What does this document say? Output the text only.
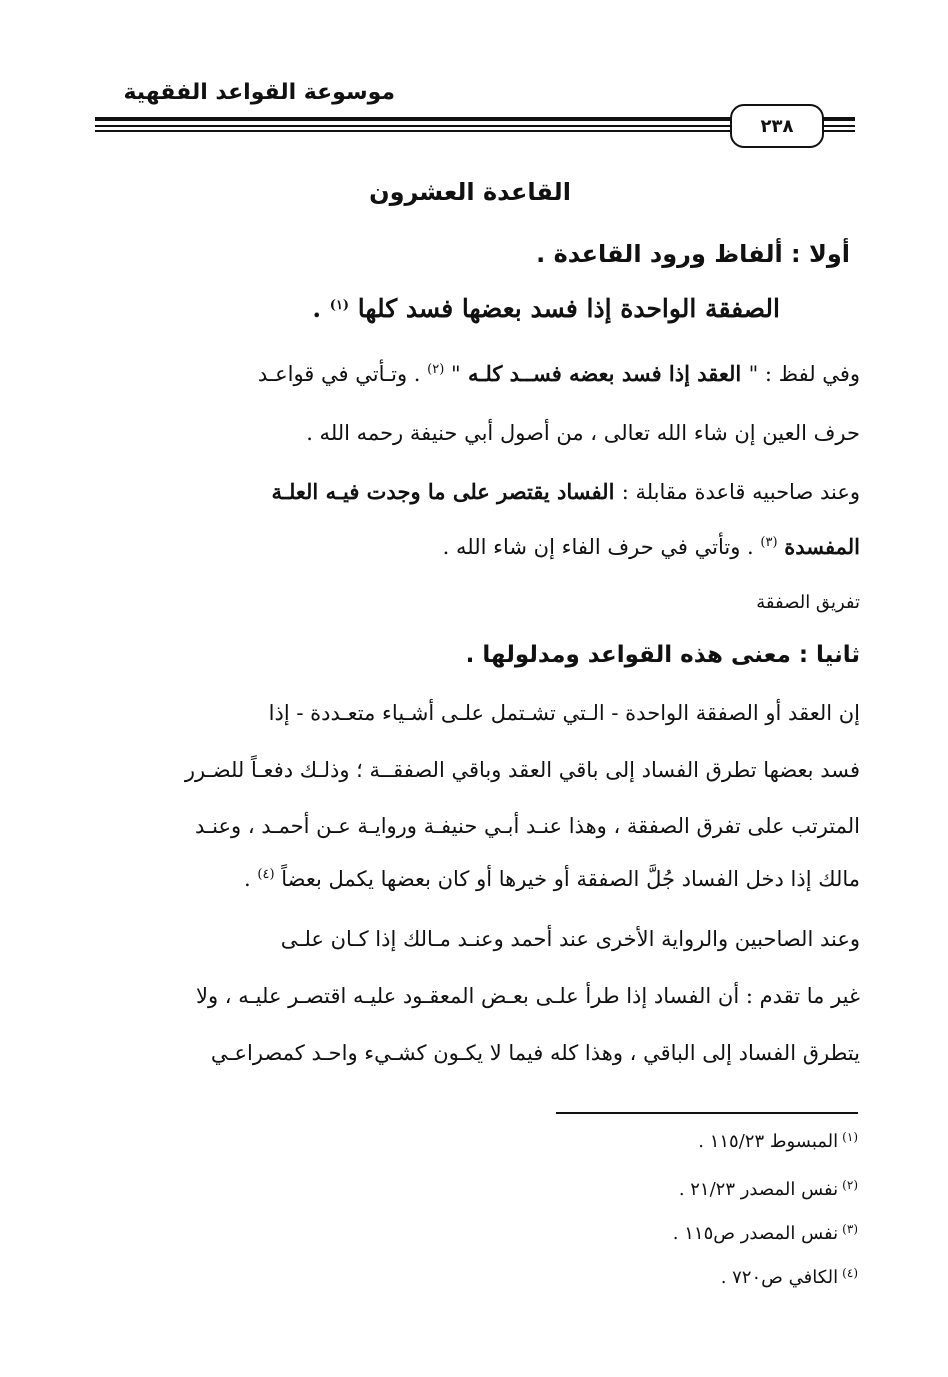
موسوعة القواعد الفقهية
٢٣٨
القاعدة العشرون
أولا : ألفاظ ورود القاعدة .
الصفقة الواحدة إذا فسد بعضها فسد كلها $^{(١)}$ .
وفي لفظ : " العقد إذا فسد بعضه فســد كلـه " $^{(٢)}$ . وتـأتي في قواعـد
حرف العين إن شاء الله تعالى ، من أصول أبي حنيفة رحمه الله .
وعند صاحبيه قاعدة مقابلة : الفساد يقتصر على ما وجدت فيـه العلـة
المفسدة $^{(٣)}$ . وتأتي في حرف الفاء إن شاء الله .
تفريق الصفقة
ثانيا : معنى هذه القواعد ومدلولها .
إن العقد أو الصفقة الواحدة - الـتي تشـتمل علـى أشـياء متعـددة - إذا
فسد بعضها تطرق الفساد إلى باقي العقد وباقي الصفقــة ؛ وذلـك دفعـاً للضـرر
المترتب على تفرق الصفقة ، وهذا عنـد أبـي حنيفـة وروايـة عـن أحمـد ، وعنـد
مالك إذا دخل الفساد جُلَّ الصفقة أو خيرها أو كان بعضها يكمل بعضاً $^{(٤)}$ .
وعند الصاحبين والرواية الأخرى عند أحمد وعنـد مـالك إذا كـان علـى
غير ما تقدم : أن الفساد إذا طرأ علـى بعـض المعقـود عليـه اقتصـر عليـه ، ولا
يتطرق الفساد إلى الباقي ، وهذا كله فيما لا يكـون كشـيء واحـد كمصراعـي
$^{(١)}$المبسوط ١١٥/٢٣ .
$^{(٢)}$نفس المصدر ٢١/٢٣ .
$^{(٣)}$نفس المصدر ص١١٥ .
$^{(٤)}$الكافي ص٧٢٠ .
